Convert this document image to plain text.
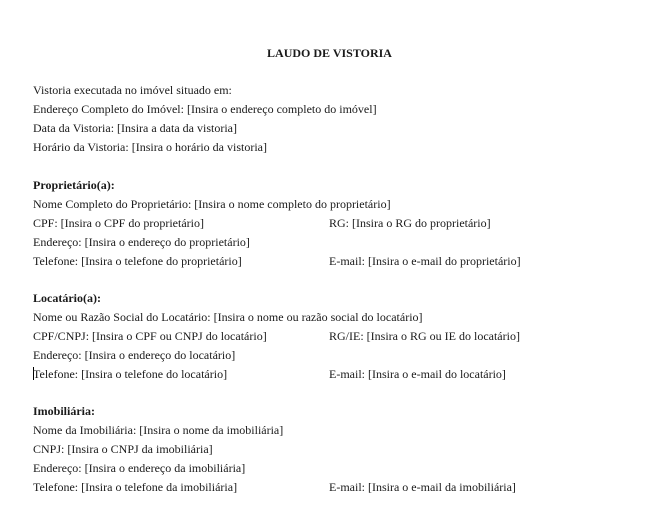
LAUDO DE VISTORIA
Vistoria executada no imóvel situado em:
Endereço Completo do Imóvel: [Insira o endereço completo do imóvel]
Data da Vistoria: [Insira a data da vistoria]
Horário da Vistoria: [Insira o horário da vistoria]
Proprietário(a):
Nome Completo do Proprietário: [Insira o nome completo do proprietário]
CPF: [Insira o CPF do proprietário]	RG: [Insira o RG do proprietário]
Endereço: [Insira o endereço do proprietário]
Telefone: [Insira o telefone do proprietário]	E-mail: [Insira o e-mail do proprietário]
Locatário(a):
Nome ou Razão Social do Locatário: [Insira o nome ou razão social do locatário]
CPF/CNPJ: [Insira o CPF ou CNPJ do locatário]	RG/IE: [Insira o RG ou IE do locatário]
Endereço: [Insira o endereço do locatário]
Telefone: [Insira o telefone do locatário]	E-mail: [Insira o e-mail do locatário]
Imobiliária:
Nome da Imobiliária: [Insira o nome da imobiliária]
CNPJ: [Insira o CNPJ da imobiliária]
Endereço: [Insira o endereço da imobiliária]
Telefone: [Insira o telefone da imobiliária]	E-mail: [Insira o e-mail da imobiliária]
